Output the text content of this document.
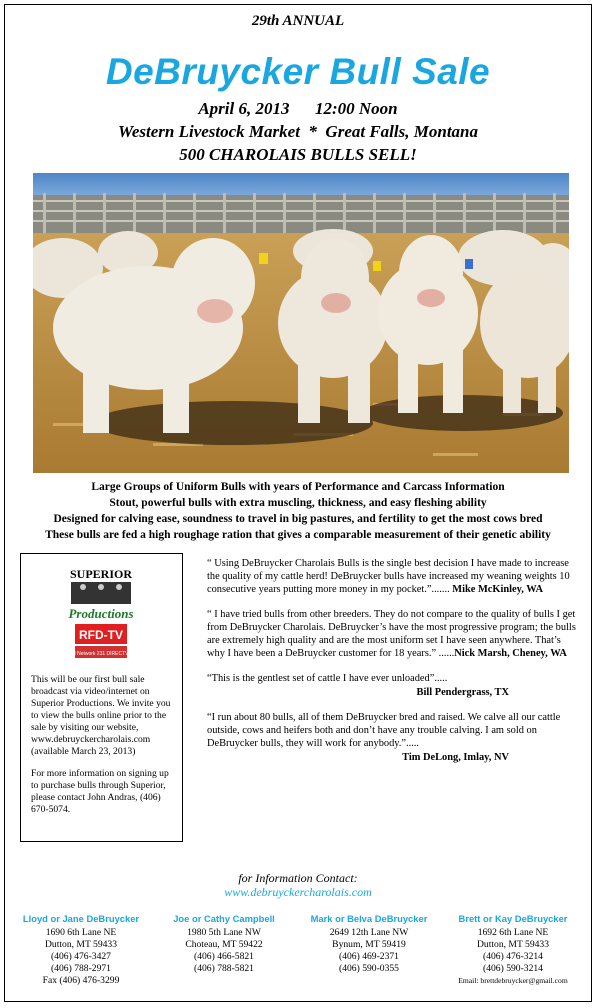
29th ANNUAL
DeBruycker Bull Sale
April 6, 2013      12:00 Noon
Western Livestock Market  *  Great Falls, Montana
500 CHAROLAIS BULLS SELL!
Large Groups of Uniform Bulls with years of Performance and Carcass Information
Stout, powerful bulls with extra muscling, thickness, and easy fleshing ability
Designed for calving ease, soundness to travel in big pastures, and fertility to get the most cows bred
These bulls are fed a high roughage ration that gives a comparable measurement of their genetic ability
SUPERIOR
Productions
RFD-TV
DISH Network 231 DIRECTV 345

This will be our first bull sale broadcast via video/internet on Superior Productions. We invite you to view the bulls online prior to the sale by visiting our website, www.debruyckercharolais.com
(available March 23, 2013)

For more information on signing up to purchase bulls through Superior, please contact John Andras, (406) 670-5074.

“ Using DeBruycker Charolais Bulls is the single best decision I have made to increase the quality of my cattle herd! DeBruycker bulls have increased my weaning weights 10 consecutive years putting more money in my pocket.”....... Mike McKinley, WA
“ I have tried bulls from other breeders. They do not compare to the quality of bulls I get from DeBruycker Charolais. DeBruycker’s have the most progressive program; the bulls are extremely high quality and are the most uniform set I have seen anywhere. That’s why I have been a DeBruycker customer for 18 years.” ......Nick Marsh, Cheney, WA
“This is the gentlest set of cattle I have ever unloaded”.....
Bill Pendergrass, TX
“I run about 80 bulls, all of them DeBruycker bred and raised. We calve all our cattle outside, cows and heifers both and don’t have any trouble calving. I am sold on DeBruycker bulls, they will work for anybody.”.....
Tim DeLong, Imlay, NV
for Information Contact:
www.debruyckercharolais.com
Lloyd or Jane DeBruycker
1690 6th Lane NE
Dutton, MT 59433
(406) 476-3427
(406) 788-2971
Fax (406) 476-3299
Joe or Cathy Campbell
1980 5th Lane NW
Choteau, MT 59422
(406) 466-5821
(406) 788-5821
Mark or Belva DeBruycker
2649 12th Lane NW
Bynum, MT 59419
(406) 469-2371
(406) 590-0355
Brett or Kay DeBruycker
1692 6th Lane NE
Dutton, MT 59433
(406) 476-3214
(406) 590-3214
Email: brettdebruycker@gmail.com
